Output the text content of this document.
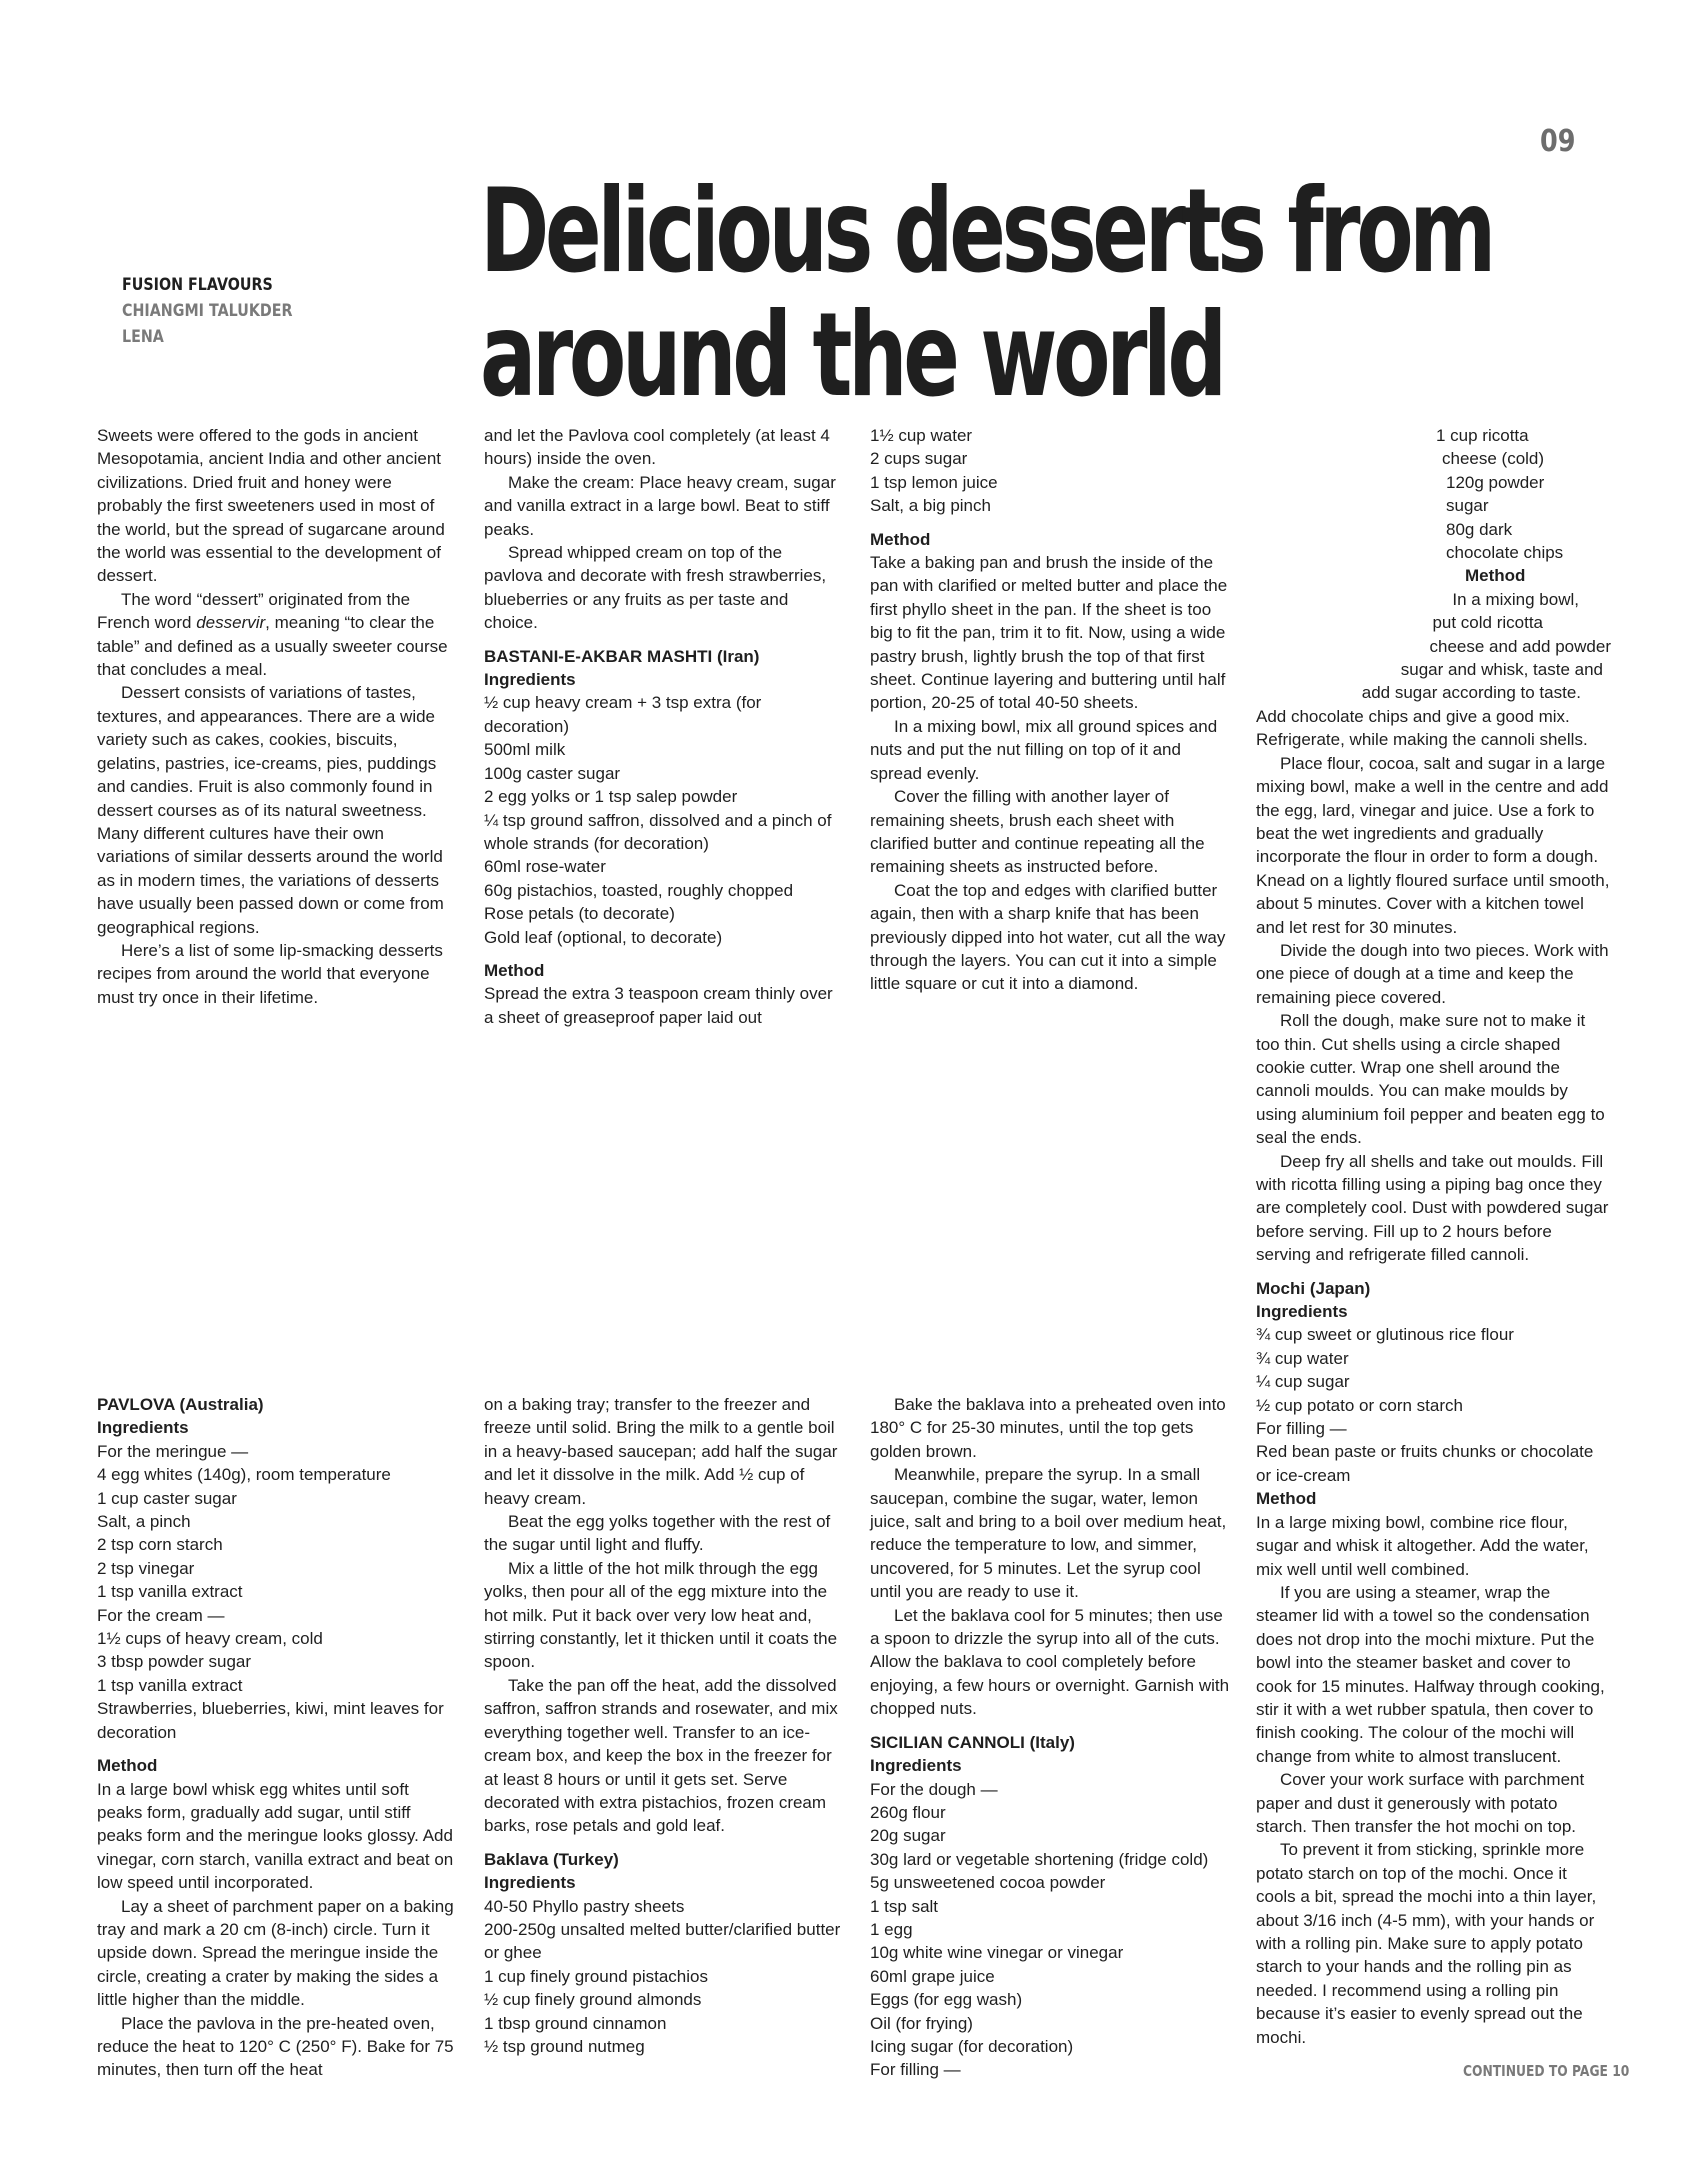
09
FUSION FLAVOURS
CHIANGMI TALUKDER
LENA
Delicious desserts from
around the world

Sweets were offered to the gods in ancient Mesopotamia, ancient India and other ancient civilizations. Dried fruit and honey were probably the first sweeteners used in most of the world, but the spread of sugarcane around the world was essential to the development of dessert.

The word “dessert” originated from the French word desservir, meaning “to clear the table” and defined as a usually sweeter course that concludes a meal.

Dessert consists of variations of tastes, textures, and appearances. There are a wide variety such as cakes, cookies, biscuits, gelatins, pastries, ice-creams, pies, puddings and candies. Fruit is also commonly found in dessert courses as of its natural sweetness. Many different cultures have their own variations of similar desserts around the world as in modern times, the variations of desserts have usually been passed down or come from geographical regions.

Here’s a list of some lip-smacking desserts recipes from around the world that everyone must try once in their lifetime.

and let the Pavlova cool completely (at least 4 hours) inside the oven.

Make the cream: Place heavy cream, sugar and vanilla extract in a large bowl. Beat to stiff peaks.

Spread whipped cream on top of the pavlova and decorate with fresh strawberries, blueberries or any fruits as per taste and choice.

BASTANI-E-AKBAR MASHTI (Iran)

Ingredients

½ cup heavy cream + 3 tsp extra (for decoration)

500ml milk

100g caster sugar

2 egg yolks or 1 tsp salep powder

¼ tsp ground saffron, dissolved and a pinch of whole strands (for decoration)

60ml rose-water

60g pistachios, toasted, roughly chopped

Rose petals (to decorate)

Gold leaf (optional, to decorate)

Method

Spread the extra 3 teaspoon cream thinly over a sheet of greaseproof paper laid out

1½ cup water

2 cups sugar

1 tsp lemon juice

Salt, a big pinch

Method

Take a baking pan and brush the inside of the pan with clarified or melted butter and place the first phyllo sheet in the pan. If the sheet is too big to fit the pan, trim it to fit. Now, using a wide pastry brush, lightly brush the top of that first sheet. Continue layering and buttering until half portion, 20-25 of total 40-50 sheets.

In a mixing bowl, mix all ground spices and nuts and put the nut filling on top of it and spread evenly.

Cover the filling with another layer of remaining sheets, brush each sheet with clarified butter and continue repeating all the remaining sheets as instructed before.

Coat the top and edges with clarified butter again, then with a sharp knife that has been previously dipped into hot water, cut all the way through the layers. You can cut it into a simple little square or cut it into a diamond.

1 cup ricotta

cheese (cold)

120g powder

sugar

80g dark

chocolate chips

Method

In a mixing bowl,

put cold ricotta

cheese and add powder

sugar and whisk, taste and

add sugar according to taste.

Add chocolate chips and give a good mix. Refrigerate, while making the cannoli shells.

Place flour, cocoa, salt and sugar in a large mixing bowl, make a well in the centre and add the egg, lard, vinegar and juice. Use a fork to beat the wet ingredients and gradually incorporate the flour in order to form a dough. Knead on a lightly floured surface until smooth, about 5 minutes. Cover with a kitchen towel and let rest for 30 minutes.

Divide the dough into two pieces. Work with one piece of dough at a time and keep the remaining piece covered.

Roll the dough, make sure not to make it too thin. Cut shells using a circle shaped cookie cutter. Wrap one shell around the cannoli moulds. You can make moulds by using aluminium foil pepper and beaten egg to seal the ends.

Deep fry all shells and take out moulds. Fill with ricotta filling using a piping bag once they are completely cool. Dust with powdered sugar before serving. Fill up to 2 hours before serving and refrigerate filled cannoli.

Mochi (Japan)

Ingredients

¾ cup sweet or glutinous rice flour

¾ cup water

¼ cup sugar

½ cup potato or corn starch

For filling —

Red bean paste or fruits chunks or chocolate or ice-cream

Method

In a large mixing bowl, combine rice flour, sugar and whisk it altogether. Add the water, mix well until well combined.

If you are using a steamer, wrap the steamer lid with a towel so the condensation does not drop into the mochi mixture. Put the bowl into the steamer basket and cover to cook for 15 minutes. Halfway through cooking, stir it with a wet rubber spatula, then cover to finish cooking. The colour of the mochi will change from white to almost translucent.

Cover your work surface with parchment paper and dust it generously with potato starch. Then transfer the hot mochi on top.

To prevent it from sticking, sprinkle more potato starch on top of the mochi. Once it cools a bit, spread the mochi into a thin layer, about 3/16 inch (4-5 mm), with your hands or with a rolling pin. Make sure to apply potato starch to your hands and the rolling pin as needed. I recommend using a rolling pin because it’s easier to evenly spread out the mochi.

PAVLOVA (Australia)

Ingredients

For the meringue —

4 egg whites (140g), room temperature

1 cup caster sugar

Salt, a pinch

2 tsp corn starch

2 tsp vinegar

1 tsp vanilla extract

For the cream —

1½ cups of heavy cream, cold

3 tbsp powder sugar

1 tsp vanilla extract

Strawberries, blueberries, kiwi, mint leaves for decoration

Method

In a large bowl whisk egg whites until soft peaks form, gradually add sugar, until stiff peaks form and the meringue looks glossy. Add vinegar, corn starch, vanilla extract and beat on low speed until incorporated.

Lay a sheet of parchment paper on a baking tray and mark a 20 cm (8-inch) circle. Turn it upside down. Spread the meringue inside the circle, creating a crater by making the sides a little higher than the middle.

Place the pavlova in the pre-heated oven, reduce the heat to 120° C (250° F). Bake for 75 minutes, then turn off the heat

on a baking tray; transfer to the freezer and freeze until solid. Bring the milk to a gentle boil in a heavy-based saucepan; add half the sugar and let it dissolve in the milk. Add ½ cup of heavy cream.

Beat the egg yolks together with the rest of the sugar until light and fluffy.

Mix a little of the hot milk through the egg yolks, then pour all of the egg mixture into the hot milk. Put it back over very low heat and, stirring constantly, let it thicken until it coats the spoon.

Take the pan off the heat, add the dissolved saffron, saffron strands and rosewater, and mix everything together well. Transfer to an ice-cream box, and keep the box in the freezer for at least 8 hours or until it gets set. Serve decorated with extra pistachios, frozen cream barks, rose petals and gold leaf.

Baklava (Turkey)

Ingredients

40-50 Phyllo pastry sheets

200-250g unsalted melted butter/clarified butter or ghee

1 cup finely ground pistachios

½ cup finely ground almonds

1 tbsp ground cinnamon

½ tsp ground nutmeg

Bake the baklava into a preheated oven into 180° C for 25-30 minutes, until the top gets golden brown.

Meanwhile, prepare the syrup. In a small saucepan, combine the sugar, water, lemon juice, salt and bring to a boil over medium heat, reduce the temperature to low, and simmer, uncovered, for 5 minutes. Let the syrup cool until you are ready to use it.

Let the baklava cool for 5 minutes; then use a spoon to drizzle the syrup into all of the cuts. Allow the baklava to cool completely before enjoying, a few hours or overnight. Garnish with chopped nuts.

SICILIAN CANNOLI (Italy)

Ingredients

For the dough —

260g flour

20g sugar

30g lard or vegetable shortening (fridge cold)

5g unsweetened cocoa powder

1 tsp salt

1 egg

10g white wine vinegar or vinegar

60ml grape juice

Eggs (for egg wash)

Oil (for frying)

Icing sugar (for decoration)

For filling —	CONTINUED TO PAGE 10
